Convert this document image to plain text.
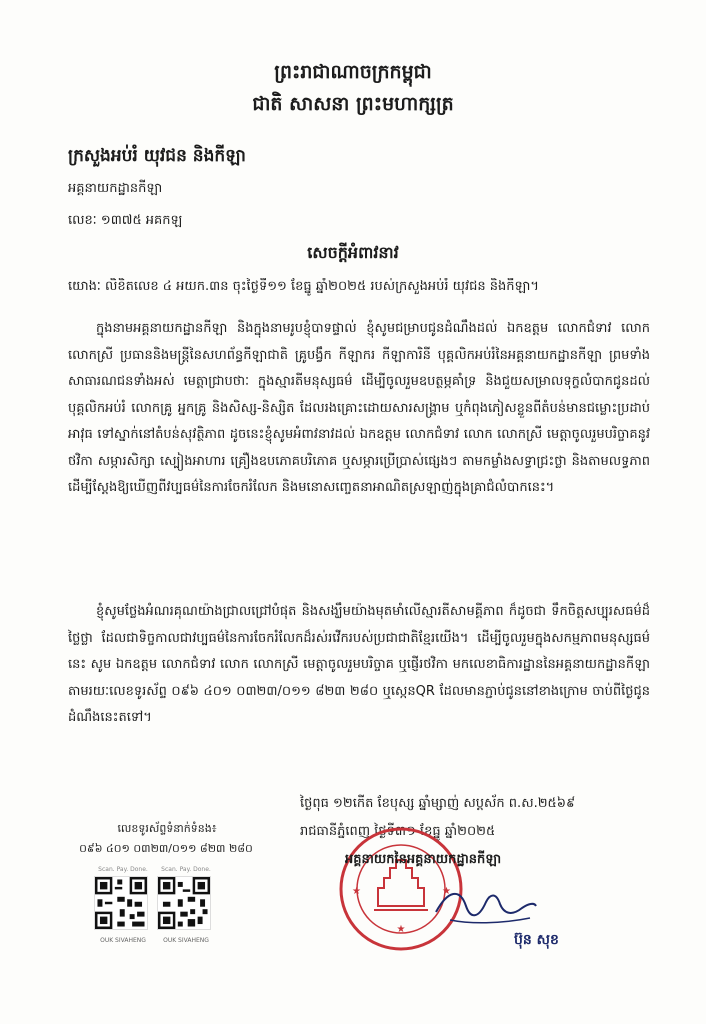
ព្រះរាជាណាចក្រកម្ពុជា
ជាតិ សាសនា ព្រះមហាក្សត្រ
ក្រសួងអប់រំ យុវជន និងកីឡា
អគ្គនាយកដ្ឋានកីឡា
លេខៈ ១៣៧៥ អគកឡ
សេចក្តីអំពាវនាវ
យោងៈ លិខិតលេខ ៤ អយក.៣ន ចុះថ្ងៃទី១១ ខែធ្នូ ឆ្នាំ២០២៥ របស់ក្រសួងអប់រំ យុវជន និងកីឡា។
ក្នុងនាមអគ្គនាយកដ្ឋានកីឡា និងក្នុងនាមរូបខ្ញុំបាទផ្ទាល់ ខ្ញុំសូមជម្រាបជូនដំណឹងដល់ ឯកឧត្តម លោកជំទាវ លោក លោកស្រី ប្រធាននិងមន្ត្រីនៃសហព័ន្ធកីឡាជាតិ គ្រូបង្វឹក កីឡាករ កីឡាការិនី បុគ្គលិកអប់រំនៃអគ្គនាយកដ្ឋានកីឡា ព្រមទាំងសាធារណជនទាំងអស់ មេត្តាជ្រាបថាៈ ក្នុងស្មារតីមនុស្សធម៌ ដើម្បីចូលរួមឧបត្ថម្ភគាំទ្រ និងជួយសម្រាលទុក្ខលំបាកជូនដល់បុគ្គលិកអប់រំ លោកគ្រូ អ្នកគ្រូ និងសិស្ស-និស្សិត ដែលរងគ្រោះដោយសារសង្គ្រាម ឬកំពុងភៀសខ្លួនពីតំបន់មានជម្លោះប្រដាប់អាវុធ ទៅស្នាក់នៅតំបន់សុវត្ថិភាព ដូចនេះខ្ញុំសូមអំពាវនាវដល់ ឯកឧត្តម លោកជំទាវ លោក លោកស្រី មេត្តាចូលរួមបរិច្ចាគនូវថវិកា សម្ភារសិក្សា ស្បៀងអាហារ គ្រឿងឧបភោគបរិភោគ ឬសម្ភារប្រើប្រាស់ផ្សេងៗ តាមកម្លាំងសទ្ធាជ្រះថ្លា និងតាមលទ្ធភាព ដើម្បីស្តែងឱ្យឃើញពីវប្បធម៌នៃការចែករំលែក និងមនោសញ្ចេតនាអាណិតស្រឡាញ់ក្នុងគ្រាជំលំបាកនេះ។
ខ្ញុំសូមថ្លែងអំណរគុណយ៉ាងជ្រាលជ្រៅបំផុត និងសង្ឃឹមយ៉ាងមុតមាំលើស្មារតីសាមគ្គីភាព ក៏ដូចជា ទឹកចិត្តសប្បុរសធម៌ដ៏ថ្លៃថ្លា ដែលជាទិច្ចកាលជាវប្បធម៌នៃការចែករំលែកដ៏រស់រវើករបស់ប្រជាជាតិខ្មែរយើង។ ដើម្បីចូលរួមក្នុងសកម្មភាពមនុស្សធម៌នេះ សូម ឯកឧត្តម លោកជំទាវ លោក លោកស្រី មេត្តាចូលរួមបរិច្ចាគ ឬផ្ញើរថវិកា មកលេខាធិការដ្ឋាននៃអគ្គនាយកដ្ឋានកីឡា តាមរយៈលេខទូរស័ព្ទ ០៩៦ ៤០១ ០៣២៣/០១១ ៨២៣ ២៨០ ឬស្កេនQR ដែលមានភ្ជាប់ជូននៅខាងក្រោម ចាប់ពីថ្ងៃជូនដំណឹងនេះតទៅ។
ថ្ងៃពុធ ១២កើត ខែបុស្ស ឆ្នាំម្សាញ់ សប្តស័ក ព.ស.២៥៦៩
រាជធានីភ្នំពេញ ថ្ងៃទី៣១ ខែធ្នូ ឆ្នាំ២០២៥
★
★	★
អគ្គនាយកនៃអគ្គនាយកដ្ឋានកីឡា
ប៊ុន សុខ
លេខទូរស័ព្ទទំនាក់ទំនង៖
០៩៦ ៤០១ ០៣២៣/០១១ ៨២៣ ២៨០
Scan. Pay. Done.
OUK SIVAHENG
Scan. Pay. Done.
OUK SIVAHENG
